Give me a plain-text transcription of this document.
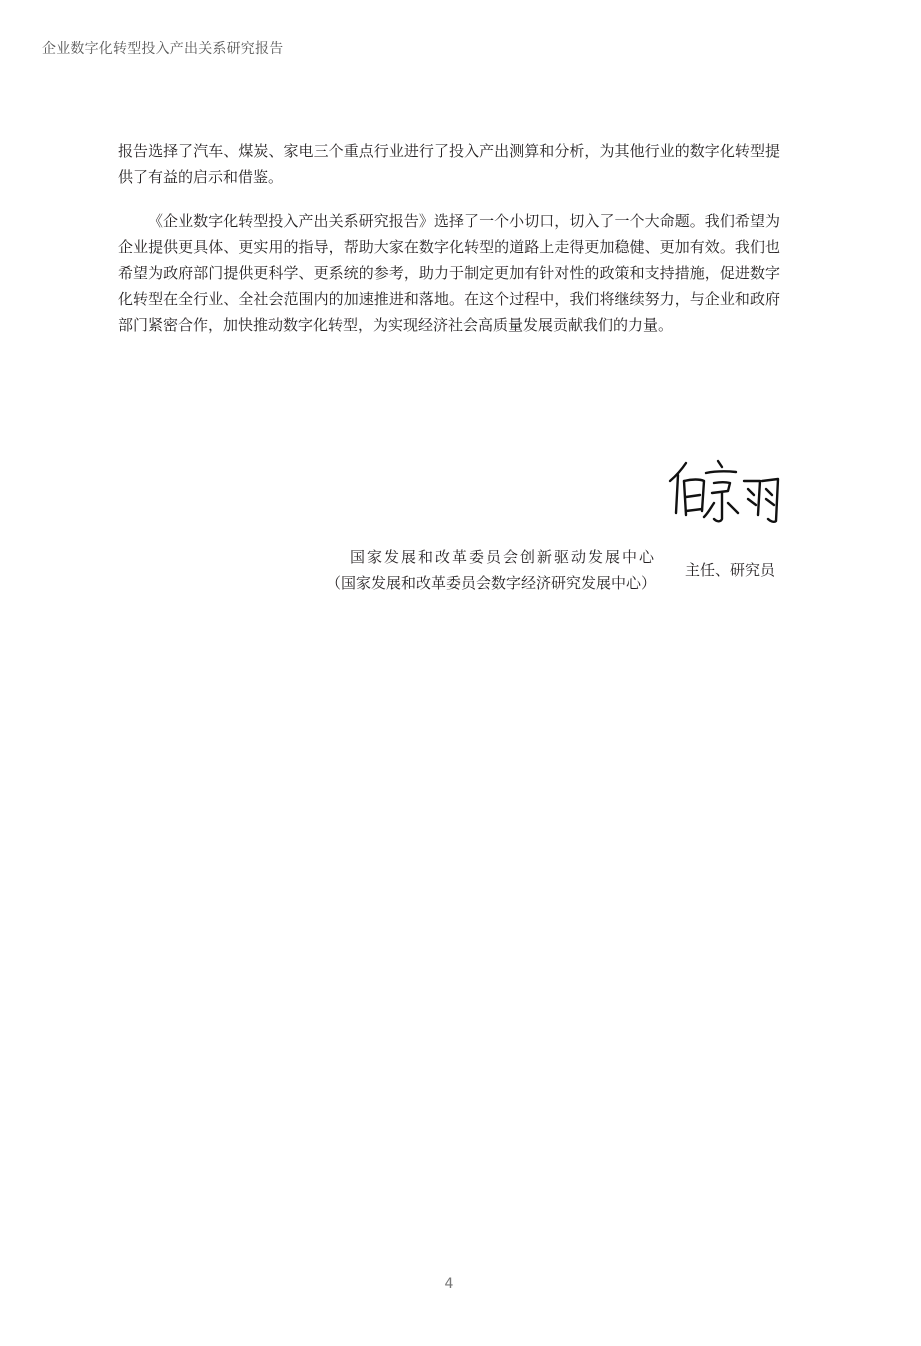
企业数字化转型投入产出关系研究报告

报告选择了汽车、煤炭、家电三个重点行业进行了投入产出测算和分析，为其他行业的数字化转型提供了有益的启示和借鉴。

《企业数字化转型投入产出关系研究报告》选择了一个小切口，切入了一个大命题。我们希望为企业提供更具体、更实用的指导，帮助大家在数字化转型的道路上走得更加稳健、更加有效。我们也希望为政府部门提供更科学、更系统的参考，助力于制定更加有针对性的政策和支持措施，促进数字化转型在全行业、全社会范围内的加速推进和落地。在这个过程中，我们将继续努力，与企业和政府部门紧密合作，加快推动数字化转型，为实现经济社会高质量发展贡献我们的力量。

国家发展和改革委员会创新驱动发展中心
（国家发展和改革委员会数字经济研究发展中心）
主任、研究员
4
